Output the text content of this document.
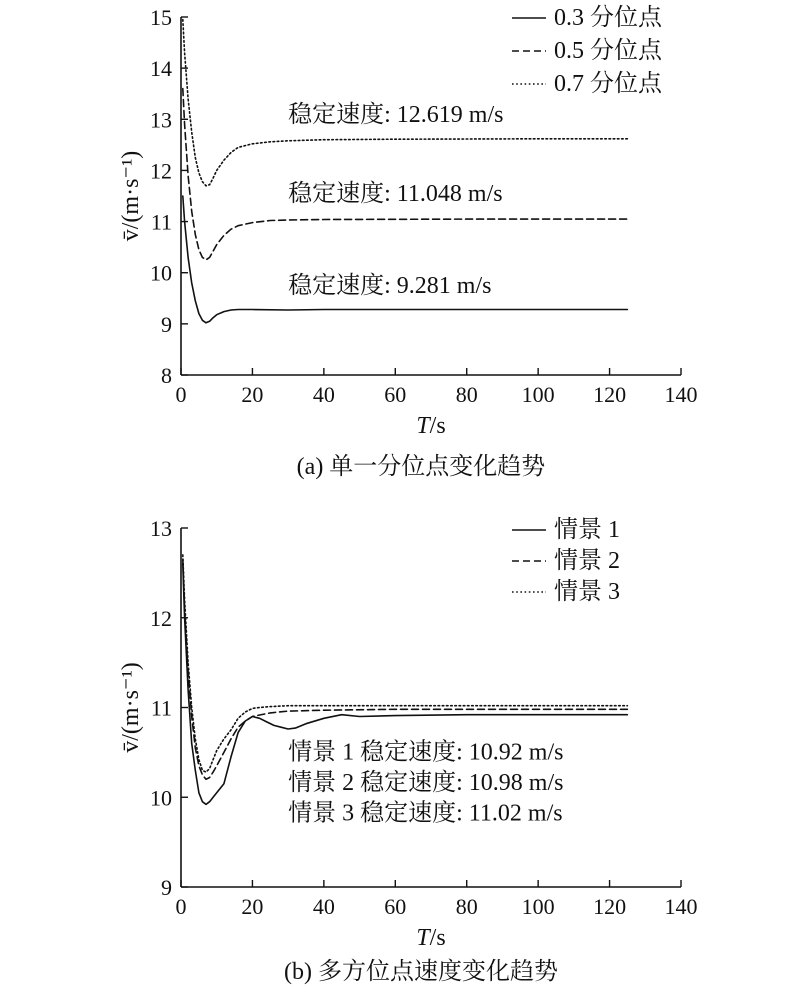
0 20 40 60 80 100 120 140
8
9
10
11
12
13
14
15
T/s
v̄/(m·s⁻¹)
0.3 分位点
0.5 分位点
0.7 分位点
稳定速度: 12.619 m/s
稳定速度: 11.048 m/s
稳定速度: 9.281 m/s
(a) 单一分位点变化趋势
0 20 40 60 80 100 120 140
9
10
11
12
13
T/s
v̄/(m·s⁻¹)
情景 1
情景 2
情景 3
情景 1 稳定速度: 10.92 m/s
情景 2 稳定速度: 10.98 m/s
情景 3 稳定速度: 11.02 m/s
(b) 多方位点速度变化趋势
